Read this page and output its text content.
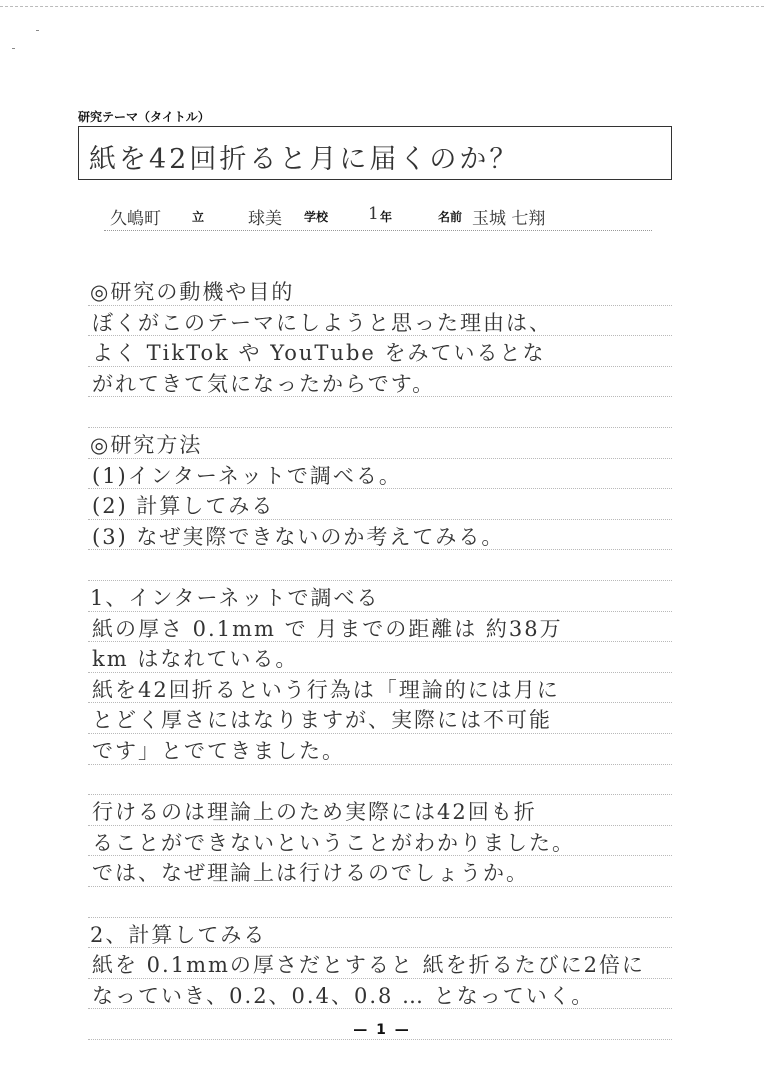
研究テーマ（タイトル）
紙を42回折ると月に届くのか？
久嶋町	立	球美 学校 1 年	名前 玉城 七翔
— 1 —
◎研究の動機や目的
ぼくがこのテーマにしようと思った理由は、
よく TikTok や YouTube をみているとな
がれてきて気になったからです。
◎研究方法
(1)インターネットで調べる。
(2) 計算してみる
(3) なぜ実際できないのか考えてみる。
1、インターネットで調べる
紙の厚さ 0.1mm で 月までの距離は 約38万
km はなれている。
紙を42回折るという行為は「理論的には月に
とどく厚さにはなりますが、実際には不可能
です」とでてきました。
行けるのは理論上のため実際には42回も折
ることができないということがわかりました。
では、なぜ理論上は行けるのでしょうか。
2、計算してみる
紙を 0.1mmの厚さだとすると 紙を折るたびに2倍に
なっていき、0.2、0.4、0.8 … となっていく。
